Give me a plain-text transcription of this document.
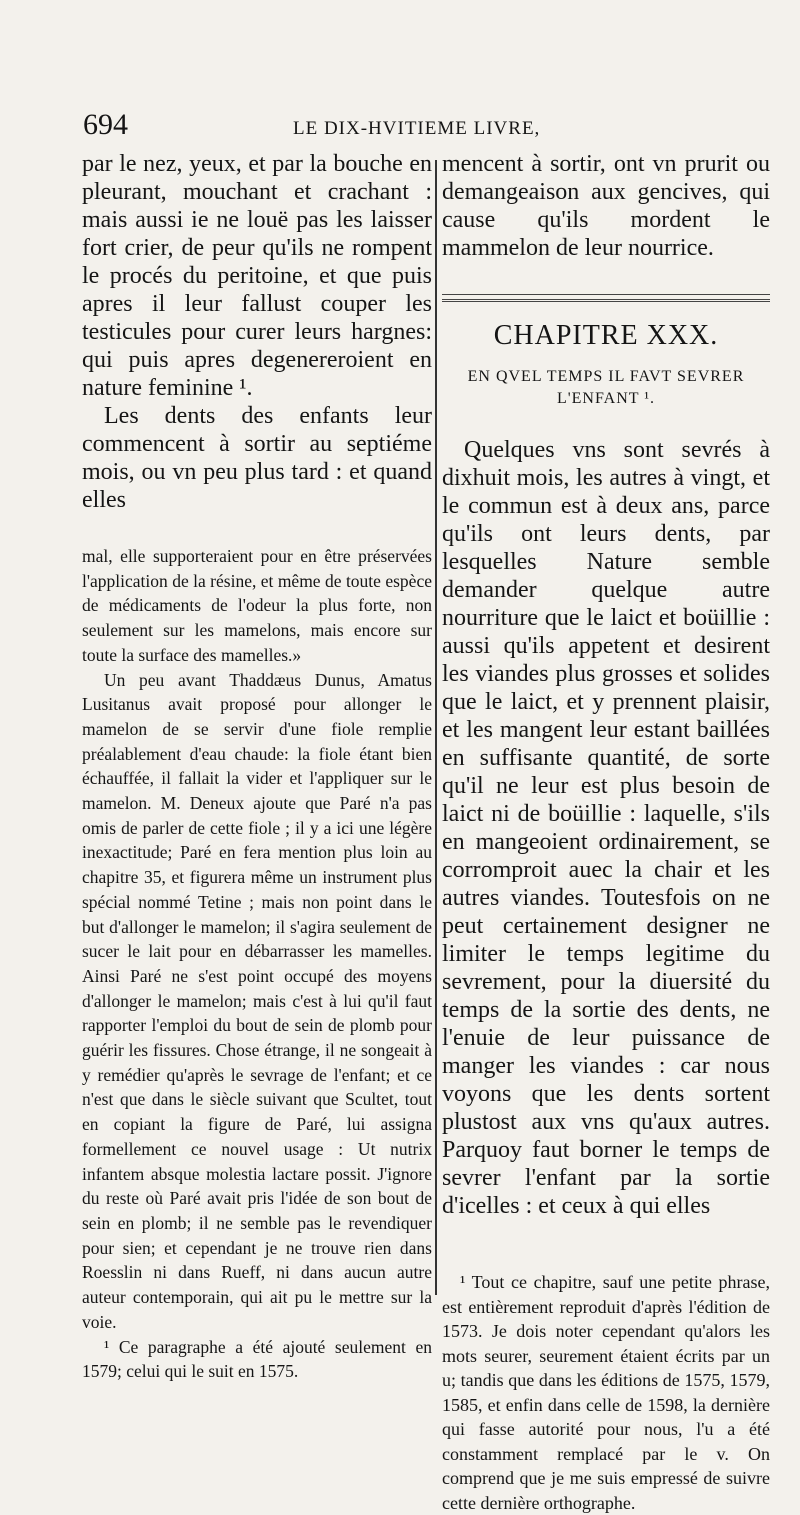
694	LE DIX-HVITIEME LIVRE,

par le nez, yeux, et par la bouche en pleurant, mouchant et crachant : mais aussi ie ne louë pas les laisser fort crier, de peur qu'ils ne rompent le procés du peritoine, et que puis apres il leur fallust couper les testicules pour curer leurs hargnes: qui puis apres degenereroient en nature feminine ¹.

Les dents des enfants leur commencent à sortir au septiéme mois, ou vn peu plus tard : et quand elles

mal, elle supporteraient pour en être préservées l'application de la résine, et même de toute espèce de médicaments de l'odeur la plus forte, non seulement sur les mamelons, mais encore sur toute la surface des mamelles.»

Un peu avant Thaddæus Dunus, Amatus Lusitanus avait proposé pour allonger le mamelon de se servir d'une fiole remplie préalablement d'eau chaude: la fiole étant bien échauffée, il fallait la vider et l'appliquer sur le mamelon. M. Deneux ajoute que Paré n'a pas omis de parler de cette fiole ; il y a ici une légère inexactitude; Paré en fera mention plus loin au chapitre 35, et figurera même un instrument plus spécial nommé Tetine ; mais non point dans le but d'allonger le mamelon; il s'agira seulement de sucer le lait pour en débarrasser les mamelles. Ainsi Paré ne s'est point occupé des moyens d'allonger le mamelon; mais c'est à lui qu'il faut rapporter l'emploi du bout de sein de plomb pour guérir les fissures. Chose étrange, il ne songeait à y remédier qu'après le sevrage de l'enfant; et ce n'est que dans le siècle suivant que Scultet, tout en copiant la figure de Paré, lui assigna formellement ce nouvel usage : Ut nutrix infantem absque molestia lactare possit. J'ignore du reste où Paré avait pris l'idée de son bout de sein en plomb; il ne semble pas le revendiquer pour sien; et cependant je ne trouve rien dans Roesslin ni dans Rueff, ni dans aucun autre auteur contemporain, qui ait pu le mettre sur la voie.

¹ Ce paragraphe a été ajouté seulement en 1579; celui qui le suit en 1575.

mencent à sortir, ont vn prurit ou demangeaison aux gencives, qui cause qu'ils mordent le mammelon de leur nourrice.
CHAPITRE XXX.
EN QVEL TEMPS IL FAVT SEVRER
L'ENFANT ¹.

Quelques vns sont sevrés à dixhuit mois, les autres à vingt, et le commun est à deux ans, parce qu'ils ont leurs dents, par lesquelles Nature semble demander quelque autre nourriture que le laict et boüillie : aussi qu'ils appetent et desirent les viandes plus grosses et solides que le laict, et y prennent plaisir, et les mangent leur estant baillées en suffisante quantité, de sorte qu'il ne leur est plus besoin de laict ni de boüillie : laquelle, s'ils en mangeoient ordinairement, se corromproit auec la chair et les autres viandes. Toutesfois on ne peut certainement designer ne limiter le temps legitime du sevrement, pour la diuersité du temps de la sortie des dents, ne l'enuie de leur puissance de manger les viandes : car nous voyons que les dents sortent plustost aux vns qu'aux autres. Parquoy faut borner le temps de sevrer l'enfant par la sortie d'icelles : et ceux à qui elles

¹ Tout ce chapitre, sauf une petite phrase, est entièrement reproduit d'après l'édition de 1573. Je dois noter cependant qu'alors les mots seurer, seurement étaient écrits par un u; tandis que dans les éditions de 1575, 1579, 1585, et enfin dans celle de 1598, la dernière qui fasse autorité pour nous, l'u a été constamment remplacé par le v. On comprend que je me suis empressé de suivre cette dernière orthographe.
